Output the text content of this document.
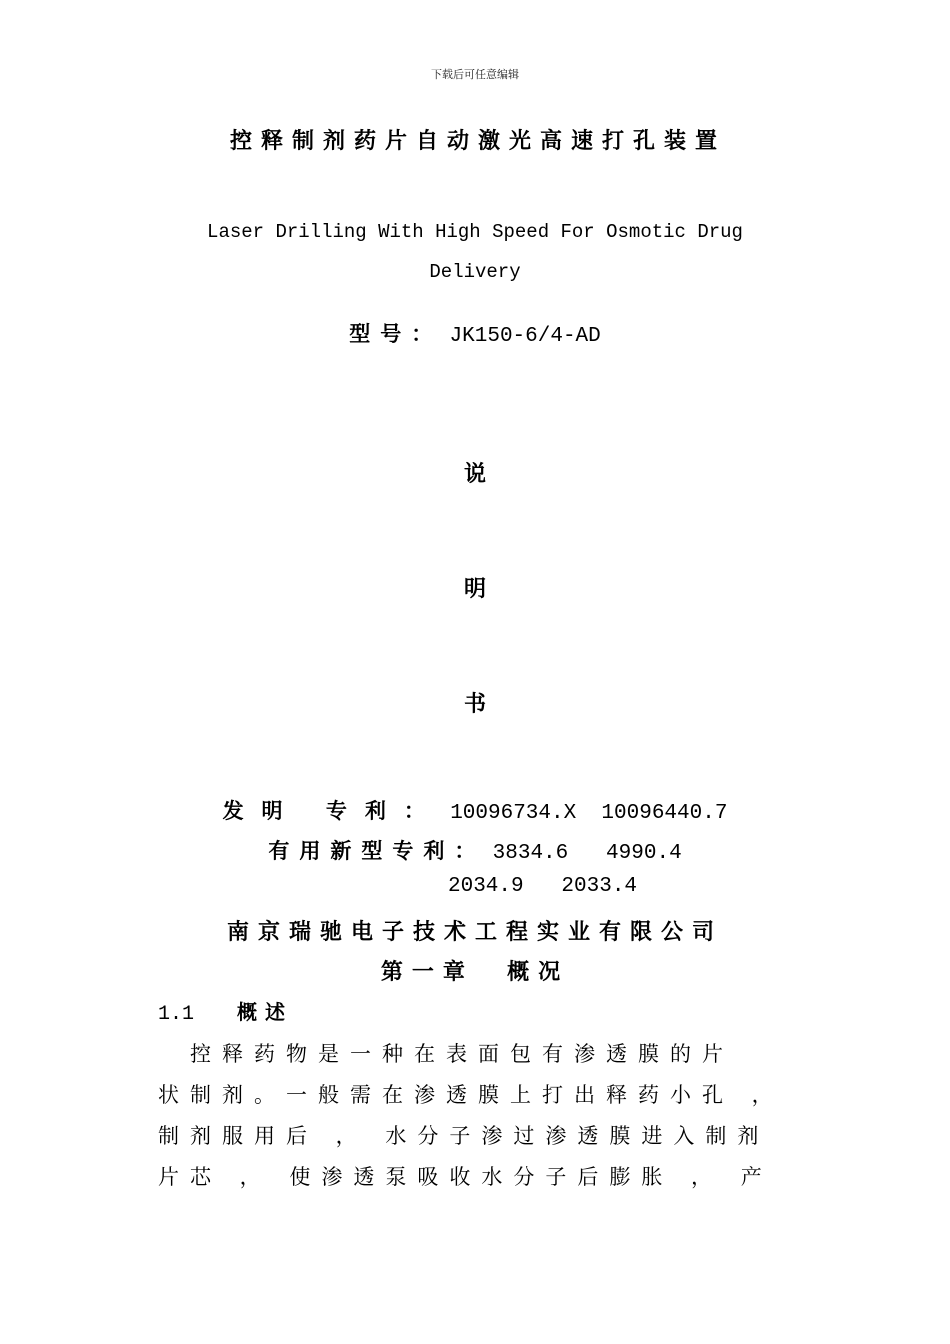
下载后可任意编辑
控释制剂药片自动激光高速打孔装置
Laser Drilling With High Speed For Osmotic Drug
Delivery
型号： JK150-6/4-AD
说
明
书
发明 专利： 10096734.X  10096440.7
有用新型专利： 3834.6   4990.4
2034.9   2033.4
南京瑞驰电子技术工程实业有限公司
第一章  概况
1.1 概述
　控释药物是一种在表面包有渗透膜的片
状制剂。一般需在渗透膜上打出释药小孔 ，
制剂服用后 ， 水分子渗过渗透膜进入制剂
片芯 ， 使渗透泵吸收水分子后膨胀 ， 产
